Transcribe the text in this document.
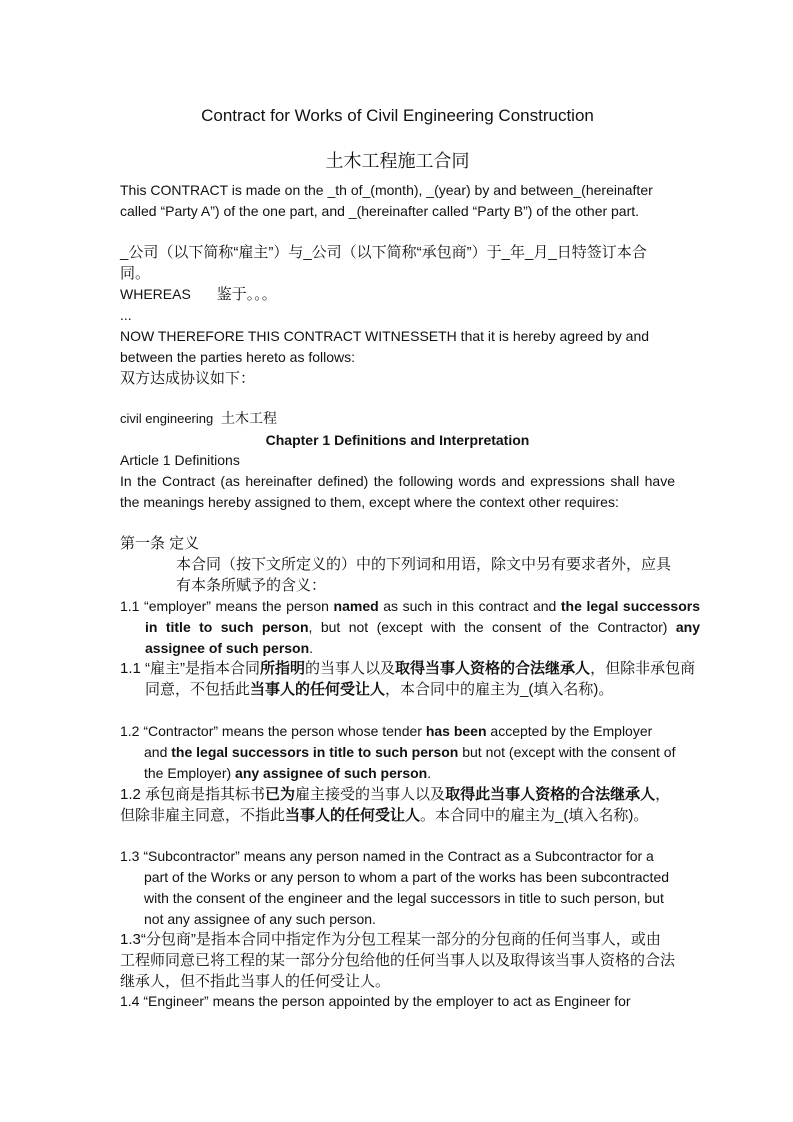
Contract for Works of Civil Engineering Construction
土木工程施工合同
This CONTRACT is made on the _th of_(month), _(year) by and between_(hereinafter called “Party A”) of the one part, and _(hereinafter called “Party B”) of the other part.
_公司（以下简称“雇主”）与_公司（以下简称“承包商”）于_年_月_日特签订本合同。
WHEREAS 鉴于。。。
...
NOW THEREFORE THIS CONTRACT WITNESSETH that it is hereby agreed by and between the parties hereto as follows:
双方达成协议如下：
civil engineering 土木工程
Chapter 1 Definitions and Interpretation
Article 1 Definitions
In the Contract (as hereinafter defined) the following words and expressions shall have the meanings hereby assigned to them, except where the context other requires:
第一条 定义
本合同（按下文所定义的）中的下列词和用语，除文中另有要求者外，应具有本条所赋予的含义：
1.1 “employer” means the person named as such in this contract and the legal successors in title to such person, but not (except with the consent of the Contractor) any assignee of such person.
1.1 “雇主”是指本合同所指明的当事人以及取得当事人资格的合法继承人，但除非承包商同意，不包括此当事人的任何受让人，本合同中的雇主为_(填入名称)。
1.2 “Contractor” means the person whose tender has been accepted by the Employer and the legal successors in title to such person but not (except with the consent of the Employer) any assignee of such person.
1.2 承包商是指其标书已为雇主接受的当事人以及取得此当事人资格的合法继承人，但除非雇主同意，不指此当事人的任何受让人。本合同中的雇主为_(填入名称)。
1.3 “Subcontractor” means any person named in the Contract as a Subcontractor for a part of the Works or any person to whom a part of the works has been subcontracted with the consent of the engineer and the legal successors in title to such person, but not any assignee of any such person.
1.3“分包商”是指本合同中指定作为分包工程某一部分的分包商的任何当事人，或由工程师同意已将工程的某一部分分包给他的任何当事人以及取得该当事人资格的合法继承人，但不指此当事人的任何受让人。
1.4 “Engineer” means the person appointed by the employer to act as Engineer for
